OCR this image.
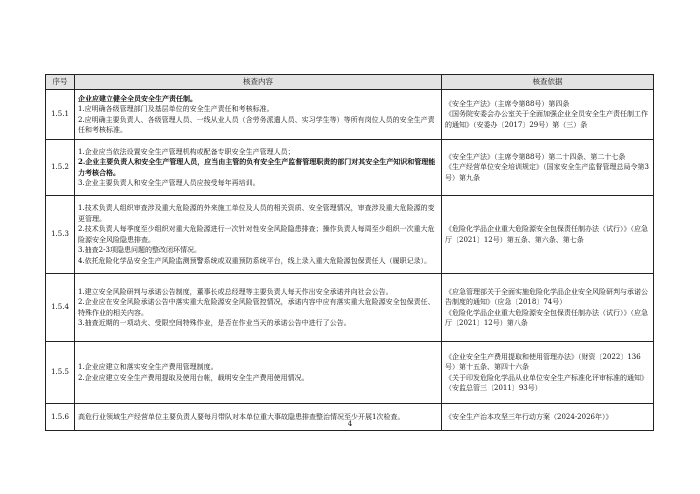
序号	核查内容	核查依据
1.5.1	企业应建立健全全员安全生产责任制。
1.应明确各级管理部门及基层单位的安全生产责任和考核标准。
2.应明确主要负责人、各级管理人员、一线从业人员（含劳务派遣人员、实习学生等）等所有岗位人员的安全生产责任和考核标准。	《安全生产法》（主席令第88号）第四条
《国务院安委会办公室关于全面加强企业全员安全生产责任制工作的通知》（安委办〔2017〕29号）第（三）条

1.5.2	1.企业应当依法设置安全生产管理机构或配备专职安全生产管理人员；
2.企业主要负责人和安全生产管理人员，应当由主管的负有安全生产监督管理职责的部门对其安全生产知识和管理能力考核合格。
3.企业主要负责人和安全生产管理人员应按受每年再培训。	《安全生产法》（主席令第88号）第二十四条、第二十七条
《生产经营单位安全培训规定》（国家安全生产监督管理总局令第3号）第九条

1.5.3	1.技术负责人组织审查涉及重大危险源的外来施工单位及人员的相关资质、安全管理情况，审查涉及重大危险源的变更管理。
2.技术负责人每季度至少组织对重大危险源进行一次针对性安全风险隐患排查；操作负责人每周至少组织一次重大危险源安全风险隐患排查。
3.抽查2-3项隐患问题的整改闭环情况。
4.依托危险化学品安全生产风险监测预警系统或双重预防系统平台，线上录入重大危险源包保责任人（履职记录）。	《危险化学品企业重大危险源安全包保责任制办法（试行）》（应急厅〔2021〕12号）第五条、第六条、第七条

1.5.4	1.建立安全风险研判与承诺公告制度，董事长或总经理等主要负责人每天作出安全承诺并向社会公告。
2.企业应在安全风险承诺公告中落实重大危险源安全风险管控情况，承诺内容中应有落实重大危险源安全包保责任、特殊作业的相关内容。
3.抽查近期的一项动火、受限空间特殊作业，是否在作业当天的承诺公告中进行了公告。	《应急管理部关于全面实施危险化学品企业安全风险研判与承诺公告制度的通知》（应急〔2018〕74号）
《危险化学品企业重大危险源安全包保责任制办法（试行）》（应急厅〔2021〕12号）第八条

1.5.5	1.企业应建立和落实安全生产费用管理制度。
2.企业应建立安全生产费用提取及使用台帐，载明安全生产费用使用情况。	《企业安全生产费用提取和使用管理办法》（财资〔2022〕136号）第十五条、第四十六条
《关于印发危险化学品从业单位安全生产标准化评审标准的通知》（安监总管三〔2011〕93号）

1.5.6	高危行业领域生产经营单位主要负责人要每月带队对本单位重大事故隐患排查整治情况至少开展1次检查。	《安全生产治本攻坚三年行动方案（2024-2026年）》
4
